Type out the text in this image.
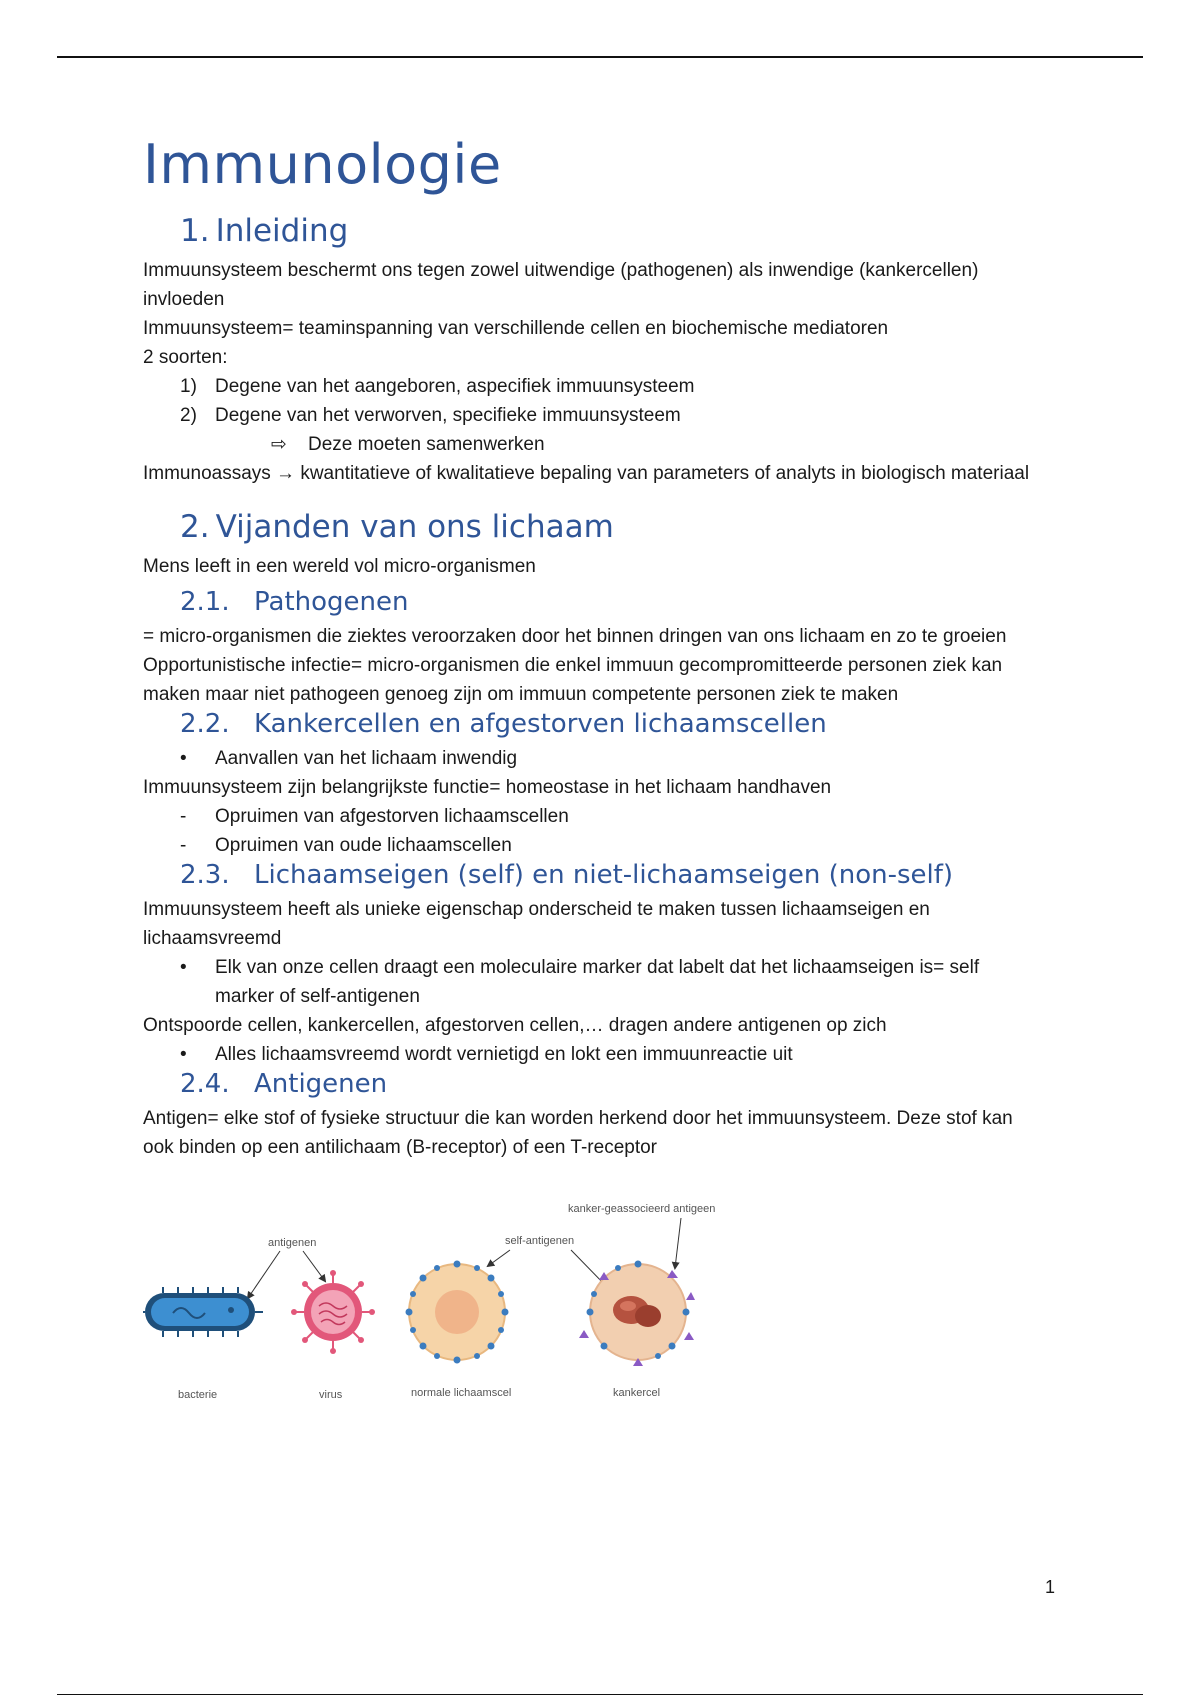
Immunologie
1. Inleiding

Immuunsysteem beschermt ons tegen zowel uitwendige (pathogenen) als inwendige (kankercellen) invloeden

Immuunsysteem= teaminspanning van verschillende cellen en biochemische mediatoren

2 soorten:

1) Degene van het aangeboren, aspecifiek immuunsysteem
2) Degene van het verworven, specifieke immuunsysteem
⇨	Deze moeten samenwerken

Immunoassays → kwantitatieve of kwalitatieve bepaling van parameters of analyts in biologisch materiaal

2. Vijanden van ons lichaam

Mens leeft in een wereld vol micro-organismen

2.1. Pathogenen

= micro-organismen die ziektes veroorzaken door het binnen dringen van ons lichaam en zo te groeien

Opportunistische infectie= micro-organismen die enkel immuun gecompromitteerde personen ziek kan maken maar niet pathogeen genoeg zijn om immuun competente personen ziek te maken

2.2. Kankercellen en afgestorven lichaamscellen
•	Aanvallen van het lichaam inwendig

Immuunsysteem zijn belangrijkste functie= homeostase in het lichaam handhaven

-	Opruimen van afgestorven lichaamscellen
-	Opruimen van oude lichaamscellen
2.3. Lichaamseigen (self) en niet-lichaamseigen (non-self)

Immuunsysteem heeft als unieke eigenschap onderscheid te maken tussen lichaamseigen en lichaamsvreemd

•	Elk van onze cellen draagt een moleculaire marker dat labelt dat het lichaamseigen is= self marker of self-antigenen

Ontspoorde cellen, kankercellen, afgestorven cellen,… dragen andere antigenen op zich

•	Alles lichaamsvreemd wordt vernietigd en lokt een immuunreactie uit
2.4. Antigenen

Antigen= elke stof of fysieke structuur die kan worden herkend door het immuunsysteem. Deze stof kan ook binden op een antilichaam (B-receptor) of een T-receptor

antigenen	self-antigenen
kanker-geassocieerd antigeen
bacterie	virus	normale lichaamscel	kankercel
1
